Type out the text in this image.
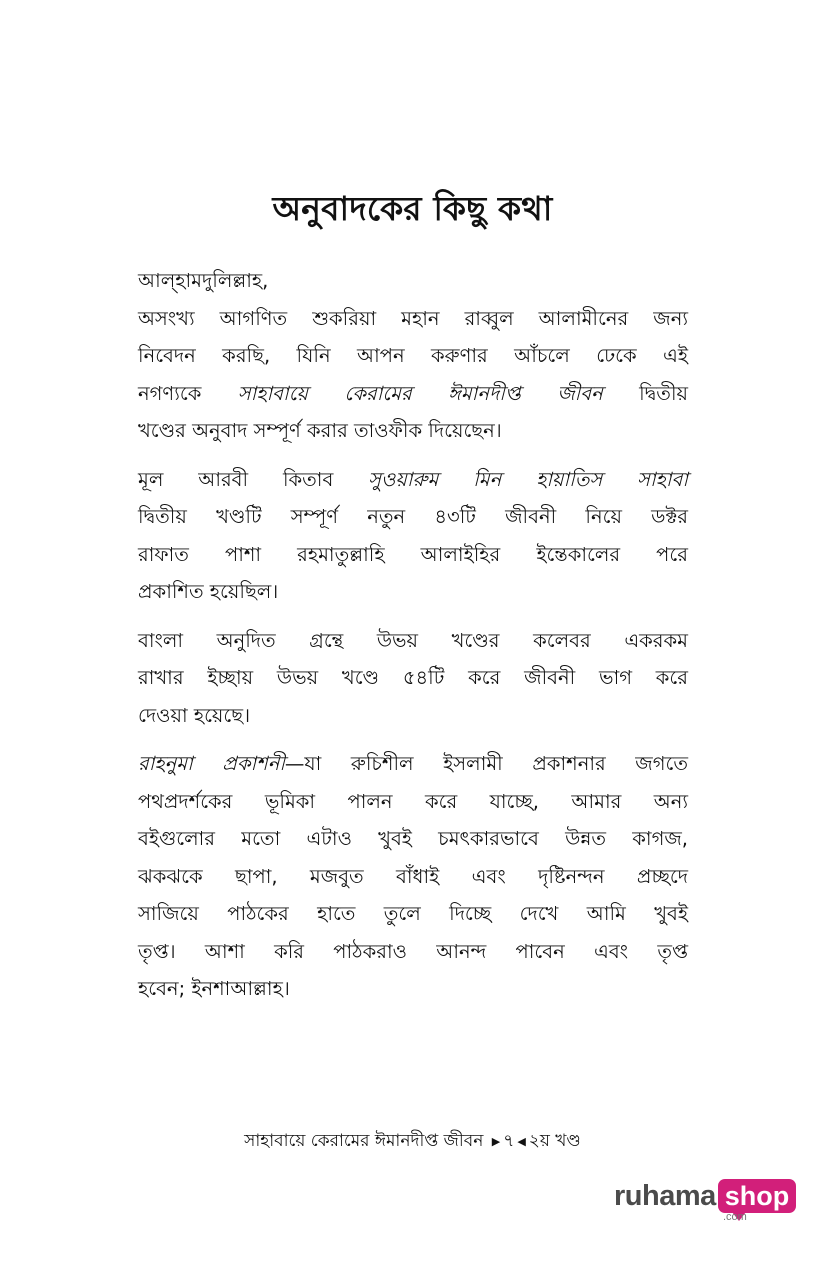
অনুবাদকের কিছু কথা

আল্‌হামদুলিল্লাহ,
অসংখ্য আগণিত শুকরিয়া মহান রাব্বুল আলামীনের জন্য
নিবেদন করছি, যিনি আপন করুণার আঁচলে ঢেকে এই
নগণ্যকে সাহাবায়ে কেরামের ঈমানদীপ্ত জীবন দ্বিতীয়
খণ্ডের অনুবাদ সম্পূর্ণ করার তাওফীক দিয়েছেন।

মূল আরবী কিতাব সুওয়ারুম মিন হায়াতিস সাহাবা
দ্বিতীয় খণ্ডটি সম্পূর্ণ নতুন ৪৩টি জীবনী নিয়ে ডক্টর
রাফাত পাশা রহমাতুল্লাহি আলাইহির ইন্তেকালের পরে
প্রকাশিত হয়েছিল।

বাংলা অনুদিত গ্রন্থে উভয় খণ্ডের কলেবর একরকম
রাখার ইচ্ছায় উভয় খণ্ডে ৫৪টি করে জীবনী ভাগ করে
দেওয়া হয়েছে।

রাহনুমা প্রকাশনী—যা রুচিশীল ইসলামী প্রকাশনার জগতে
পথপ্রদর্শকের ভূমিকা পালন করে যাচ্ছে, আমার অন্য
বইগুলোর মতো এটাও খুবই চমৎকারভাবে উন্নত কাগজ,
ঝকঝকে ছাপা, মজবুত বাঁধাই এবং দৃষ্টিনন্দন প্রচ্ছদে
সাজিয়ে পাঠকের হাতে তুলে দিচ্ছে দেখে আমি খুবই
তৃপ্ত। আশা করি পাঠকরাও আনন্দ পাবেন এবং তৃপ্ত
হবেন; ইনশাআল্লাহ।

সাহাবায়ে কেরামের ঈমানদীপ্ত জীবন ▶ ৭ ◀ ২য় খণ্ড
ruhama shop
.com
